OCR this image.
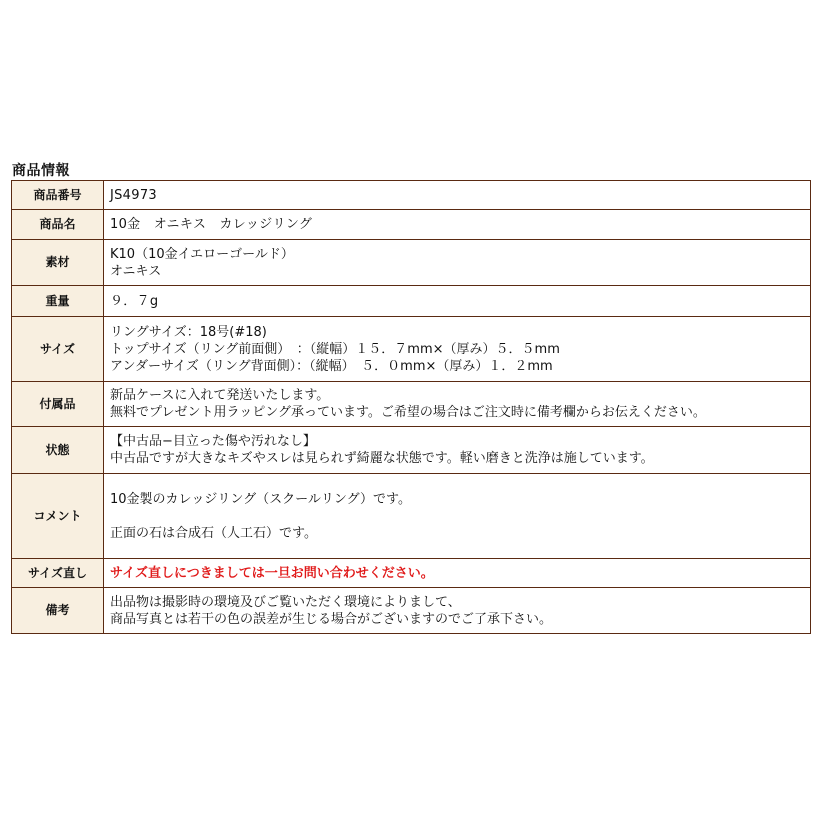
商品情報
商品番号	JS4973
商品名	10金　オニキス　カレッジリング
素材	K10（10金イエローゴールド）
オニキス

重量	９．７g
サイズ	リングサイズ：18号(#18)
トップサイズ（リング前面側）　：（縦幅）１５．７mm×（厚み）５．５mm
アンダーサイズ（リング背面側）：（縦幅）　５．０mm×（厚み）１．２mm

付属品	新品ケースに入れて発送いたします。
無料でプレゼント用ラッピング承っています。ご希望の場合はご注文時に備考欄からお伝えください。

状態	【中古品−目立った傷や汚れなし】
中古品ですが大きなキズやスレは見られず綺麗な状態です。軽い磨きと洗浄は施しています。

コメント	10金製のカレッジリング（スクールリング）です。
正面の石は合成石（人工石）です。

サイズ直し	サイズ直しにつきましては一旦お問い合わせください。
備考	出品物は撮影時の環境及びご覧いただく環境によりまして、
商品写真とは若干の色の誤差が生じる場合がございますのでご了承下さい。
